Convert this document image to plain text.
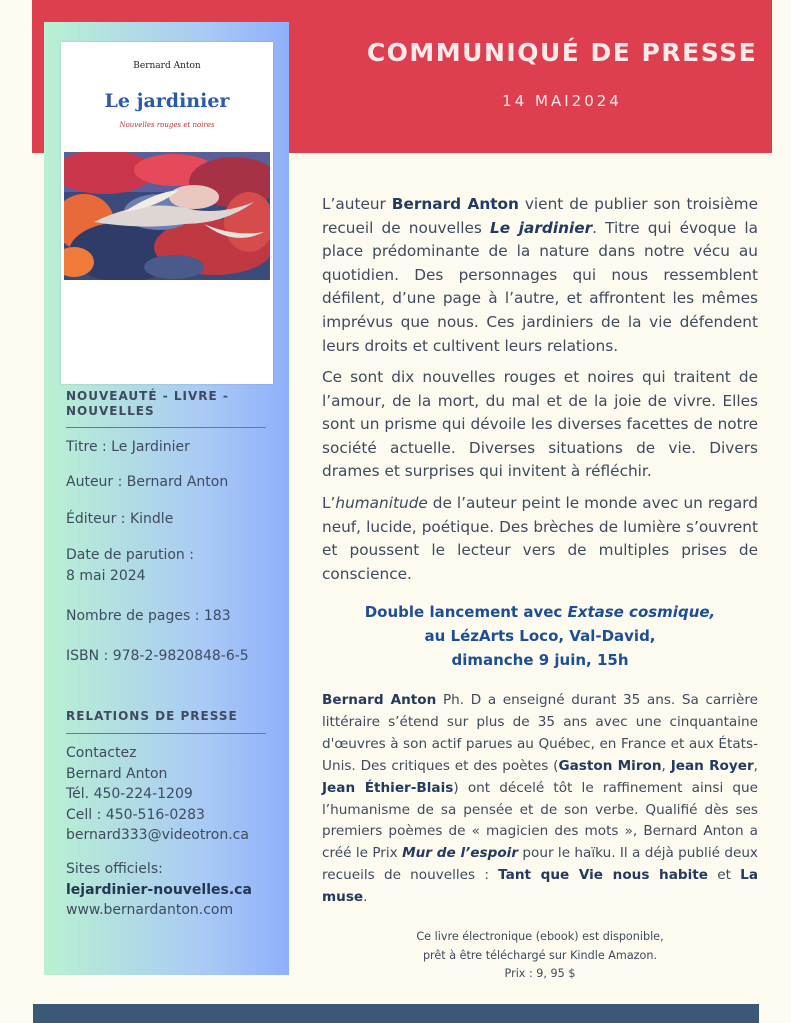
COMMUNIQUÉ DE PRESSE
14 MAI2024
Bernard Anton
Le jardinier
Nouvelles rouges et noires
NOUVEAUTÉ - LIVRE -
NOUVELLES
Titre : Le Jardinier
Auteur : Bernard Anton
Éditeur : Kindle
Date de parution :
8 mai 2024
Nombre de pages : 183
ISBN : 978-2-9820848-6-5
RELATIONS DE PRESSE
Contactez
Bernard Anton
Tél. 450-224-1209
Cell : 450-516-0283
bernard333@videotron.ca
Sites officiels:
lejardinier-nouvelles.ca
www.bernardanton.com
L’auteur Bernard Anton vient de publier son troisième recueil de nouvelles Le jardinier. Titre qui évoque la place prédominante de la nature dans notre vécu au quotidien. Des personnages qui nous ressemblent défilent, d’une page à l’autre, et affrontent les mêmes imprévus que nous. Ces jardiniers de la vie défendent leurs droits et cultivent leurs relations.
Ce sont dix nouvelles rouges et noires qui traitent de l’amour, de la mort, du mal et de la joie de vivre. Elles sont un prisme qui dévoile les diverses facettes de notre société actuelle. Diverses situations de vie. Divers drames et surprises qui invitent à réfléchir.
L’humanitude de l’auteur peint le monde avec un regard neuf, lucide, poétique. Des brèches de lumière s’ouvrent et poussent le lecteur vers de multiples prises de conscience.
Double lancement avec Extase cosmique,
au LézArts Loco, Val-David,
dimanche 9 juin, 15h
Bernard Anton Ph. D a enseigné durant 35 ans. Sa carrière littéraire s’étend sur plus de 35 ans avec une cinquantaine d'œuvres à son actif parues au Québec, en France et aux États-Unis. Des critiques et des poètes (Gaston Miron, Jean Royer, Jean Éthier-Blais) ont décelé tôt le raffinement ainsi que l’humanisme de sa pensée et de son verbe. Qualifié dès ses premiers poèmes de « magicien des mots », Bernard Anton a créé le Prix Mur de l’espoir pour le haïku. Il a déjà publié deux recueils de nouvelles : Tant que Vie nous habite et La muse.
Ce livre électronique (ebook) est disponible,
prêt à être téléchargé sur Kindle Amazon.
Prix : 9, 95 $
